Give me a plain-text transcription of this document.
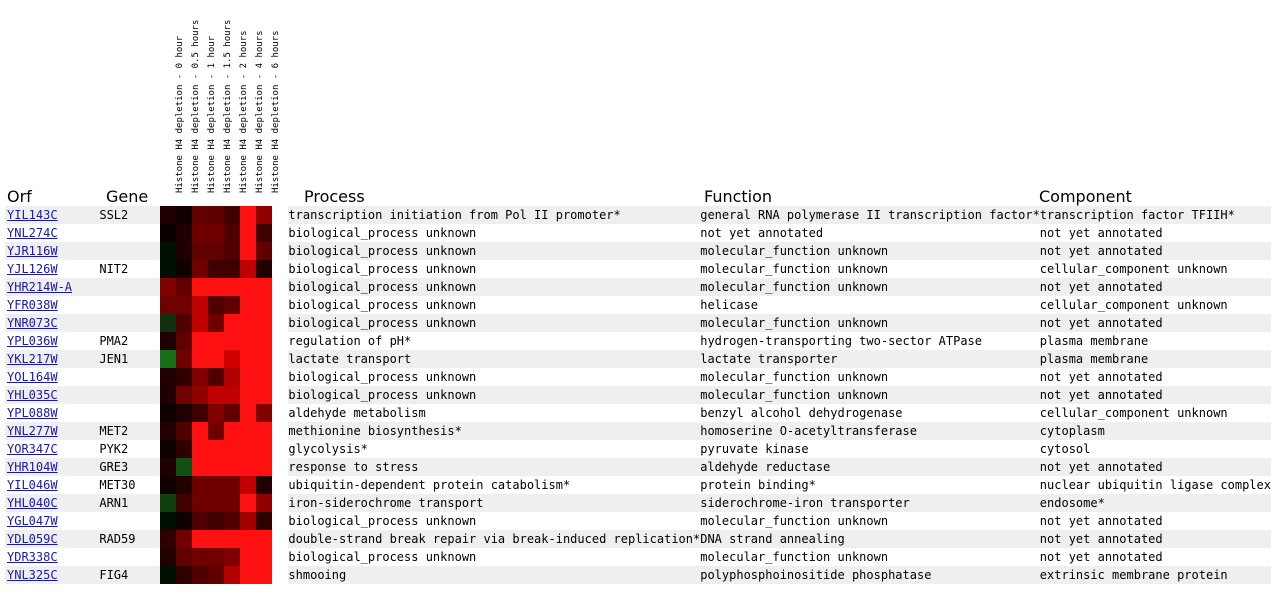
Histone H4 depletion - 0 hour Histone H4 depletion - 0.5 hours Histone H4 depletion - 1 hour Histone H4 depletion - 1.5 hours Histone H4 depletion - 2 hours Histone H4 depletion - 4 hours Histone H4 depletion - 6 hours
Orf	Gene	Process	Function	Component
YIL143C	SSL2			transcription initiation from Pol II promoter*	general RNA polymerase II transcription factor*	transcription factor TFIIH*
YNL274C				biological_process unknown	not yet annotated	not yet annotated
YJR116W				biological_process unknown	molecular_function unknown	not yet annotated
YJL126W	NIT2			biological_process unknown	molecular_function unknown	cellular_component unknown
YHR214W-A				biological_process unknown	molecular_function unknown	not yet annotated
YFR038W				biological_process unknown	helicase	cellular_component unknown
YNR073C				biological_process unknown	molecular_function unknown	not yet annotated
YPL036W	PMA2			regulation of pH*	hydrogen-transporting two-sector ATPase	plasma membrane
YKL217W	JEN1			lactate transport	lactate transporter	plasma membrane
YOL164W				biological_process unknown	molecular_function unknown	not yet annotated
YHL035C				biological_process unknown	molecular_function unknown	not yet annotated
YPL088W				aldehyde metabolism	benzyl alcohol dehydrogenase	cellular_component unknown
YNL277W	MET2			methionine biosynthesis*	homoserine O-acetyltransferase	cytoplasm
YOR347C	PYK2			glycolysis*	pyruvate kinase	cytosol
YHR104W	GRE3			response to stress	aldehyde reductase	not yet annotated
YIL046W	MET30			ubiquitin-dependent protein catabolism*	protein binding*	nuclear ubiquitin ligase complex
YHL040C	ARN1			iron-siderochrome transport	siderochrome-iron transporter	endosome*
YGL047W				biological_process unknown	molecular_function unknown	not yet annotated
YDL059C	RAD59			double-strand break repair via break-induced replication*	DNA strand annealing	not yet annotated
YDR338C				biological_process unknown	molecular_function unknown	not yet annotated
YNL325C	FIG4			shmooing	polyphosphoinositide phosphatase	extrinsic membrane protein
